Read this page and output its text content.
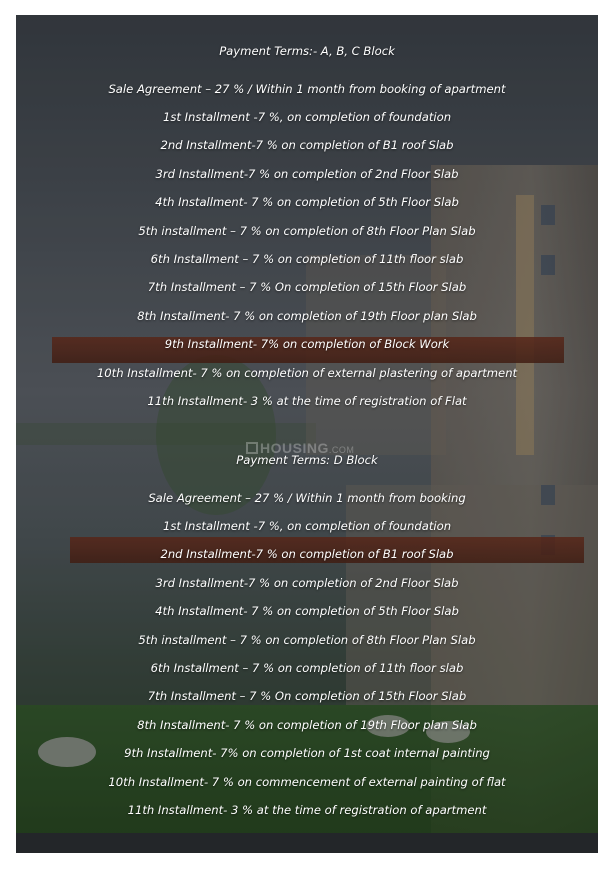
HOUSING.COM
Payment Terms:- A, B, C Block
Sale Agreement – 27 % / Within 1 month from booking of apartment
1st Installment -7 %, on completion of foundation
2nd Installment-7 % on completion of B1 roof Slab
3rd Installment-7 % on completion of 2nd Floor Slab
4th Installment- 7 % on completion of 5th Floor Slab
5th installment – 7 % on completion of 8th Floor Plan Slab
6th Installment – 7 % on completion of 11th floor slab
7th Installment – 7 % On completion of 15th Floor Slab
8th Installment- 7 % on completion of 19th Floor plan Slab
9th Installment- 7% on completion of Block Work
10th Installment- 7 % on completion of external plastering of apartment
11th Installment- 3 % at the time of registration of Flat
Payment Terms: D Block
Sale Agreement – 27 % / Within 1 month from booking
1st Installment -7 %, on completion of foundation
2nd Installment-7 % on completion of B1 roof Slab
3rd Installment-7 % on completion of 2nd Floor Slab
4th Installment- 7 % on completion of 5th Floor Slab
5th installment – 7 % on completion of 8th Floor Plan Slab
6th Installment – 7 % on completion of 11th floor slab
7th Installment – 7 % On completion of 15th Floor Slab
8th Installment- 7 % on completion of 19th Floor plan Slab
9th Installment- 7% on completion of 1st coat internal painting
10th Installment- 7 % on commencement of external painting of flat
11th Installment- 3 % at the time of registration of apartment
